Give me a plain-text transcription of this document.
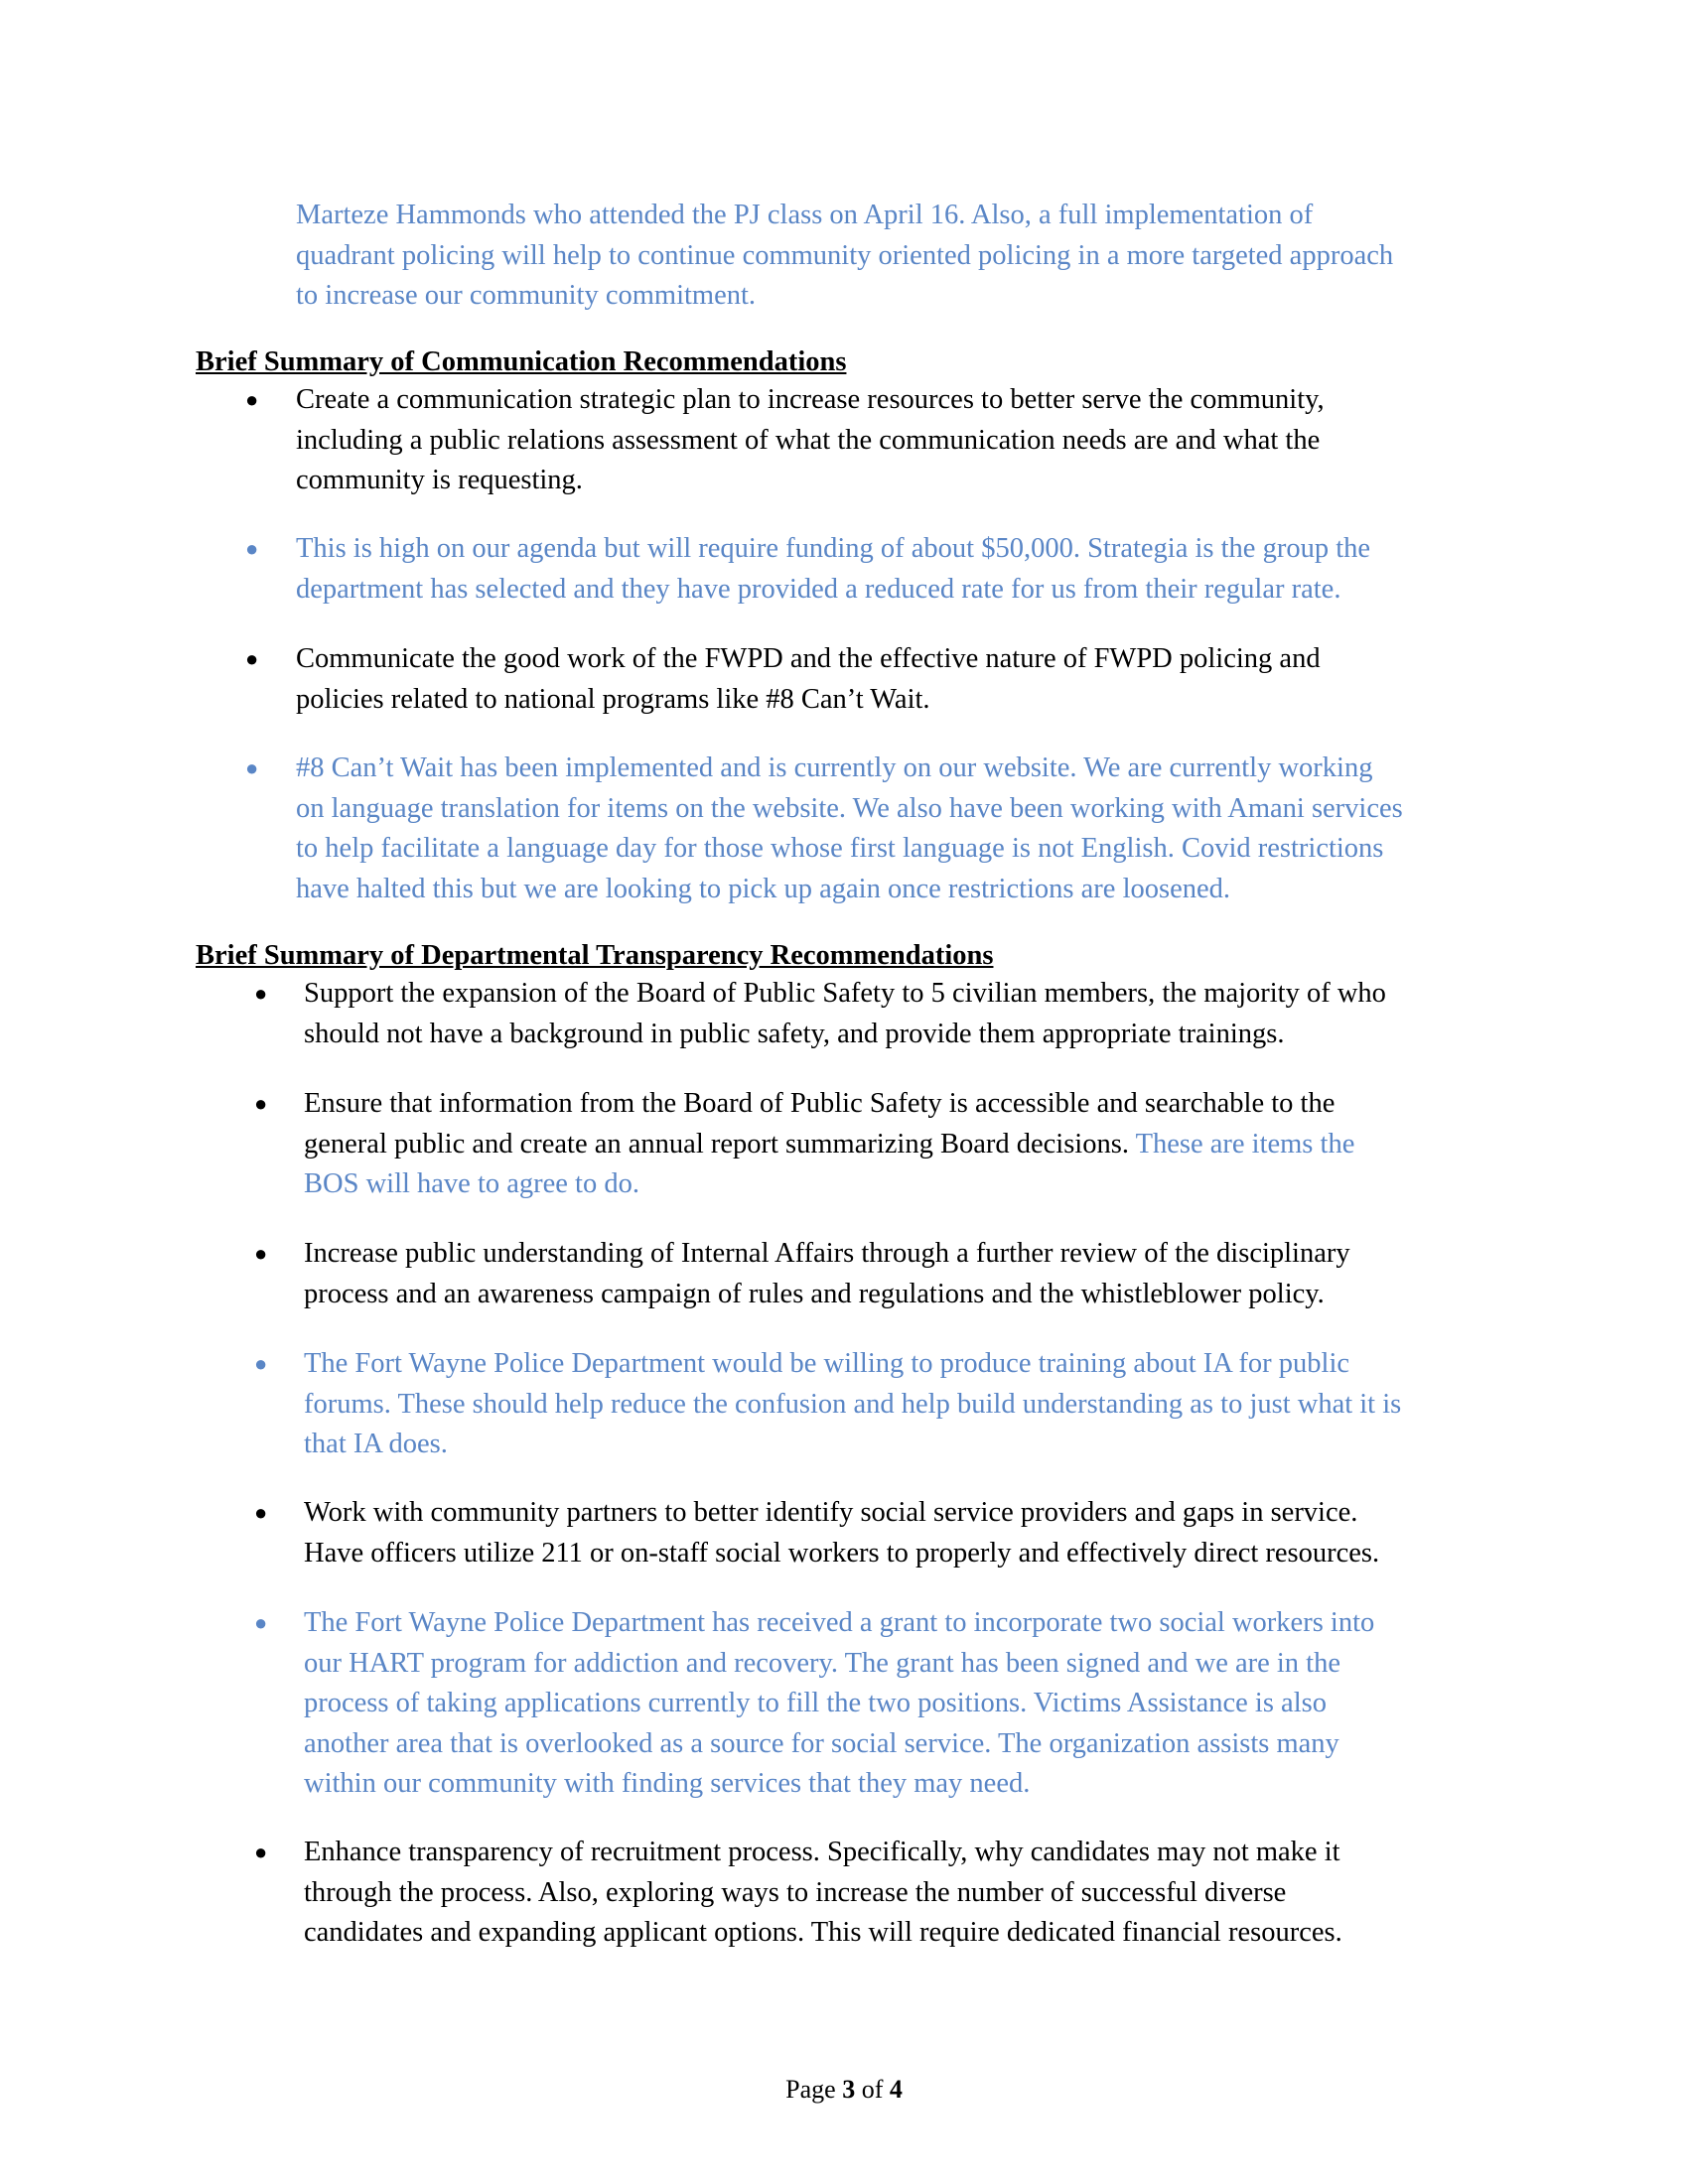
Marteze Hammonds who attended the PJ class on April 16. Also, a full implementation of
quadrant policing will help to continue community oriented policing in a more targeted approach
to increase our community commitment.
Brief Summary of Communication Recommendations
● Create a communication strategic plan to increase resources to better serve the community,
including a public relations assessment of what the communication needs are and what the
community is requesting.
● This is high on our agenda but will require funding of about $50,000. Strategia is the group the
department has selected and they have provided a reduced rate for us from their regular rate.
● Communicate the good work of the FWPD and the effective nature of FWPD policing and
policies related to national programs like #8 Can’t Wait.
● #8 Can’t Wait has been implemented and is currently on our website. We are currently working
on language translation for items on the website. We also have been working with Amani services
to help facilitate a language day for those whose first language is not English. Covid restrictions
have halted this but we are looking to pick up again once restrictions are loosened.
Brief Summary of Departmental Transparency Recommendations
● Support the expansion of the Board of Public Safety to 5 civilian members, the majority of who
should not have a background in public safety, and provide them appropriate trainings.
● Ensure that information from the Board of Public Safety is accessible and searchable to the
general public and create an annual report summarizing Board decisions. These are items the
BOS will have to agree to do.
● Increase public understanding of Internal Affairs through a further review of the disciplinary
process and an awareness campaign of rules and regulations and the whistleblower policy.
● The Fort Wayne Police Department would be willing to produce training about IA for public
forums. These should help reduce the confusion and help build understanding as to just what it is
that IA does.
● Work with community partners to better identify social service providers and gaps in service.
Have officers utilize 211 or on-staff social workers to properly and effectively direct resources.
● The Fort Wayne Police Department has received a grant to incorporate two social workers into
our HART program for addiction and recovery. The grant has been signed and we are in the
process of taking applications currently to fill the two positions. Victims Assistance is also
another area that is overlooked as a source for social service. The organization assists many
within our community with finding services that they may need.
● Enhance transparency of recruitment process. Specifically, why candidates may not make it
through the process. Also, exploring ways to increase the number of successful diverse
candidates and expanding applicant options. This will require dedicated financial resources.
Page 3 of 4
